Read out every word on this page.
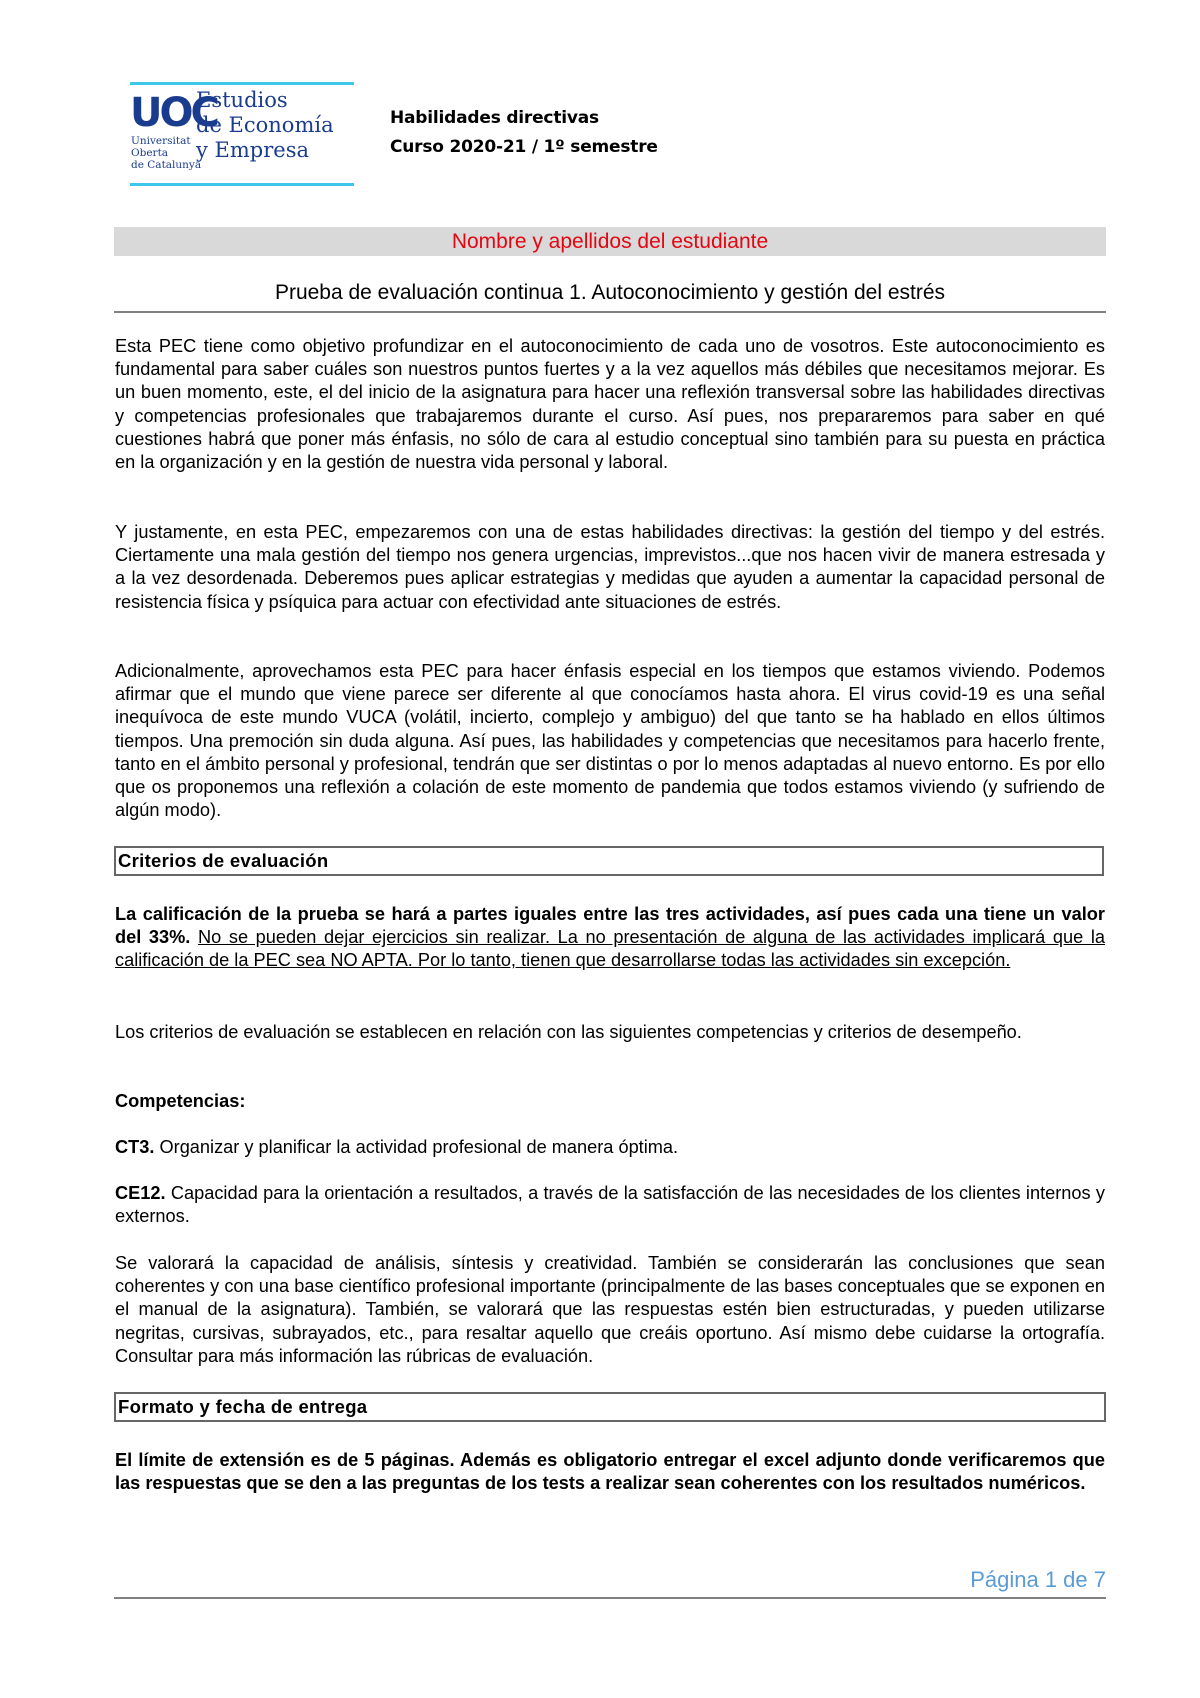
UOC
Universitat
Oberta
de Catalunya
Estudios
de Economía
y Empresa
Habilidades directivas
Curso 2020-21 / 1º semestre
Nombre y apellidos del estudiante
Prueba de evaluación continua 1. Autoconocimiento y gestión del estrés

Esta PEC tiene como objetivo profundizar en el autoconocimiento de cada uno de vosotros. Este autoconocimiento es fundamental para saber cuáles son nuestros puntos fuertes y a la vez aquellos más débiles que necesitamos mejorar. Es un buen momento, este, el del inicio de la asignatura para hacer una reflexión transversal sobre las habilidades directivas y competencias profesionales que trabajaremos durante el curso. Así pues, nos prepararemos para saber en qué cuestiones habrá que poner más énfasis, no sólo de cara al estudio conceptual sino también para su puesta en práctica en la organización y en la gestión de nuestra vida personal y laboral.

Y justamente, en esta PEC, empezaremos con una de estas habilidades directivas: la gestión del tiempo y del estrés. Ciertamente una mala gestión del tiempo nos genera urgencias, imprevistos...que nos hacen vivir de manera estresada y a la vez desordenada. Deberemos pues aplicar estrategias y medidas que ayuden a aumentar la capacidad personal de resistencia física y psíquica para actuar con efectividad ante situaciones de estrés.

Adicionalmente, aprovechamos esta PEC para hacer énfasis especial en los tiempos que estamos viviendo. Podemos afirmar que el mundo que viene parece ser diferente al que conocíamos hasta ahora. El virus covid-19 es una señal inequívoca de este mundo VUCA (volátil, incierto, complejo y ambiguo) del que tanto se ha hablado en ellos últimos tiempos. Una premoción sin duda alguna. Así pues, las habilidades y competencias que necesitamos para hacerlo frente, tanto en el ámbito personal y profesional, tendrán que ser distintas o por lo menos adaptadas al nuevo entorno. Es por ello que os proponemos una reflexión a colación de este momento de pandemia que todos estamos viviendo (y sufriendo de algún modo).

Criterios de evaluación

La calificación de la prueba se hará a partes iguales entre las tres actividades, así pues cada una tiene un valor del 33%. No se pueden dejar ejercicios sin realizar. La no presentación de alguna de las actividades implicará que la calificación de la PEC sea NO APTA. Por lo tanto, tienen que desarrollarse todas las actividades sin excepción.

Los criterios de evaluación se establecen en relación con las siguientes competencias y criterios de desempeño.

Competencias:

CT3. Organizar y planificar la actividad profesional de manera óptima.

CE12. Capacidad para la orientación a resultados, a través de la satisfacción de las necesidades de los clientes internos y externos.

Se valorará la capacidad de análisis, síntesis y creatividad. También se considerarán las conclusiones que sean coherentes y con una base científico profesional importante (principalmente de las bases conceptuales que se exponen en el manual de la asignatura). También, se valorará que las respuestas estén bien estructuradas, y pueden utilizarse negritas, cursivas, subrayados, etc., para resaltar aquello que creáis oportuno. Así mismo debe cuidarse la ortografía. Consultar para más información las rúbricas de evaluación.

Formato y fecha de entrega

El límite de extensión es de 5 páginas. Además es obligatorio entregar el excel adjunto donde verificaremos que las respuestas que se den a las preguntas de los tests a realizar sean coherentes con los resultados numéricos.

Página 1 de 7
